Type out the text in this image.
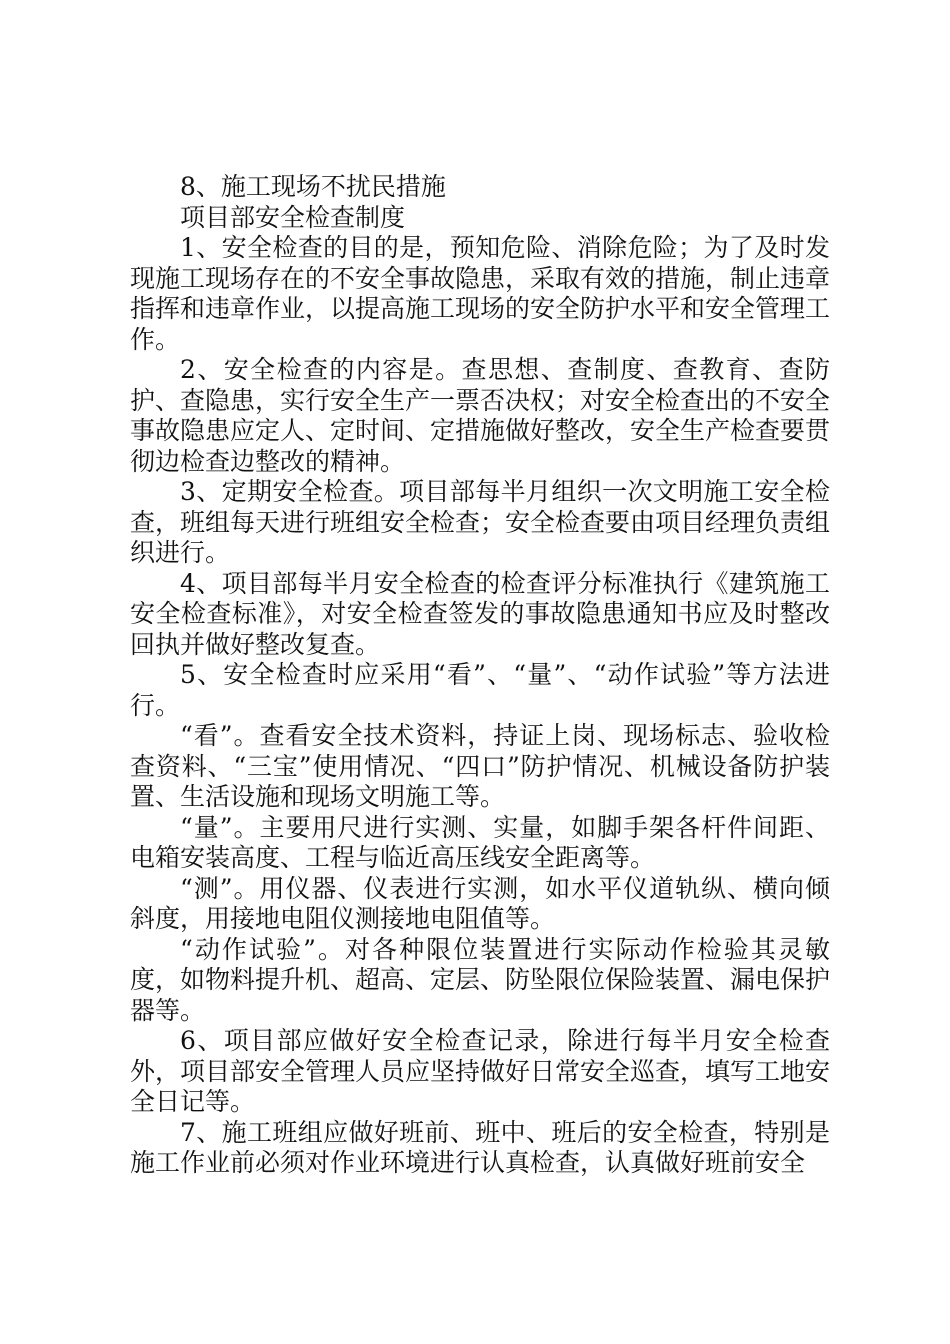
8、施工现场不扰民措施

项目部安全检查制度

1、安全检查的目的是，预知危险、消除危险；为了及时发现施工现场存在的不安全事故隐患，采取有效的措施，制止违章指挥和违章作业，以提高施工现场的安全防护水平和安全管理工作。

2、安全检查的内容是。查思想、查制度、查教育、查防护、查隐患，实行安全生产一票否决权；对安全检查出的不安全事故隐患应定人、定时间、定措施做好整改，安全生产检查要贯彻边检查边整改的精神。

3、定期安全检查。项目部每半月组织一次文明施工安全检查，班组每天进行班组安全检查；安全检查要由项目经理负责组织进行。

4、项目部每半月安全检查的检查评分标准执行《建筑施工安全检查标准》，对安全检查签发的事故隐患通知书应及时整改回执并做好整改复查。

5、安全检查时应采用“看”、“量”、“动作试验”等方法进行。

“看”。查看安全技术资料，持证上岗、现场标志、验收检查资料、“三宝”使用情况、“四口”防护情况、机械设备防护装置、生活设施和现场文明施工等。

“量”。主要用尺进行实测、实量，如脚手架各杆件间距、电箱安装高度、工程与临近高压线安全距离等。

“测”。用仪器、仪表进行实测，如水平仪道轨纵、横向倾斜度，用接地电阻仪测接地电阻值等。

“动作试验”。对各种限位装置进行实际动作检验其灵敏度，如物料提升机、超高、定层、防坠限位保险装置、漏电保护器等。

6、项目部应做好安全检查记录，除进行每半月安全检查外，项目部安全管理人员应坚持做好日常安全巡查，填写工地安全日记等。

7、施工班组应做好班前、班中、班后的安全检查，特别是施工作业前必须对作业环境进行认真检查，认真做好班前安全
